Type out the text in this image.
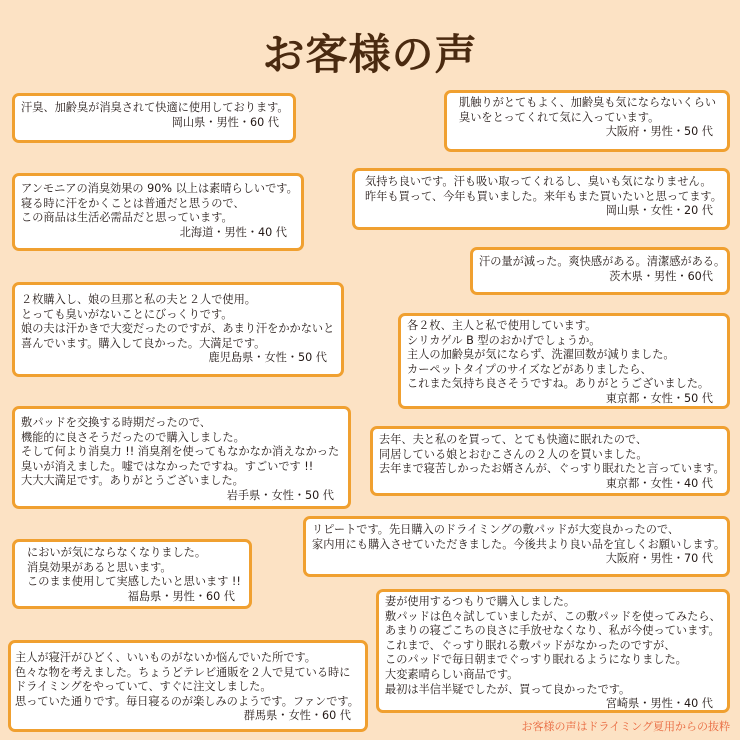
お客様の声
汗臭、加齢臭が消臭されて快適に使用しております。
岡山県・男性・60 代
肌触りがとてもよく、加齢臭も気にならないくらい
臭いをとってくれて気に入っています。
大阪府・男性・50 代
アンモニアの消臭効果の 90% 以上は素晴らしいです。
寝る時に汗をかくことは普通だと思うので、
この商品は生活必需品だと思っています。
北海道・男性・40 代
気持ち良いです。汗も吸い取ってくれるし、臭いも気になりません。
昨年も買って、今年も買いました。来年もまた買いたいと思ってます。
岡山県・女性・20 代
汗の量が減った。爽快感がある。清潔感がある。
茨木県・男性・60代
２枚購入し、娘の旦那と私の夫と２人で使用。
とっても臭いがないことにびっくりです。
娘の夫は汗かきで大変だったのですが、あまり汗をかかないと
喜んでいます。購入して良かった。大満足です。
鹿児島県・女性・50 代
各２枚、主人と私で使用しています。
シリカゲル B 型のおかげでしょうか。
主人の加齢臭が気にならず、洗濯回数が減りました。
カーペットタイプのサイズなどがありましたら、
これまた気持ち良さそうですね。ありがとうございました。
東京都・女性・50 代
敷パッドを交換する時期だったので、
機能的に良さそうだったので購入しました。
そして何より消臭力 !! 消臭剤を使ってもなかなか消えなかった
臭いが消えました。嘘ではなかったですね。すごいです !!
大大大満足です。ありがとうございました。
岩手県・女性・50 代
去年、夫と私のを買って、とても快適に眠れたので、
同居している娘とおむこさんの２人のを買いました。
去年まで寝苦しかったお婿さんが、ぐっすり眠れたと言っています。
東京都・女性・40 代
リピートです。先日購入のドライミングの敷パッドが大変良かったので、
家内用にも購入させていただきました。今後共より良い品を宜しくお願いします。
大阪府・男性・70 代
においが気にならなくなりました。
消臭効果があると思います。
このまま使用して実感したいと思います !!
福島県・男性・60 代	妻が使用するつもりで購入しました。
敷パッドは色々試していましたが、この敷パッドを使ってみたら、
あまりの寝ごこちの良さに手放せなくなり、私が今使っています。
これまで、ぐっすり眠れる敷パッドがなかったのですが、
このパッドで毎日朝までぐっすり眠れるようになりました。
大変素晴らしい商品です。
最初は半信半疑でしたが、買って良かったです。
宮崎県・男性・40 代
主人が寝汗がひどく、いいものがないか悩んでいた所です。
色々な物を考えました。ちょうどテレビ通販を２人で見ている時に
ドライミングをやっていて、すぐに注文しました。
思っていた通りです。毎日寝るのが楽しみのようです。ファンです。
群馬県・女性・60 代
お客様の声はドライミング夏用からの抜粋
